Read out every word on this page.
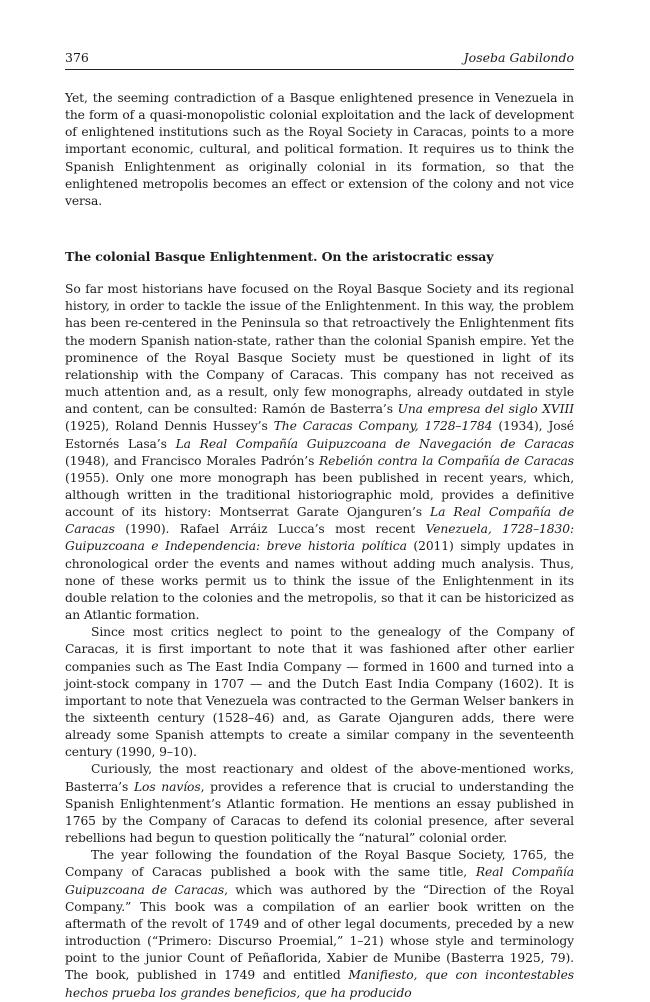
376	Joseba Gabilondo

Yet, the seeming contradiction of a Basque enlightened presence in Venezuela in the form of a quasi-monopolistic colonial exploitation and the lack of development of enlightened institutions such as the Royal Society in Caracas, points to a more important economic, cultural, and political formation. It requires us to think the Spanish Enlightenment as originally colonial in its formation, so that the enlightened metropolis becomes an effect or extension of the colony and not vice versa.

The colonial Basque Enlightenment. On the aristocratic essay

So far most historians have focused on the Royal Basque Society and its regional history, in order to tackle the issue of the Enlightenment. In this way, the problem has been re-centered in the Peninsula so that retroactively the Enlightenment fits the modern Spanish nation-state, rather than the colonial Spanish empire. Yet the prominence of the Royal Basque Society must be questioned in light of its relationship with the Company of Caracas. This company has not received as much attention and, as a result, only few monographs, already outdated in style and content, can be consulted: Ramón de Basterra’s Una empresa del siglo XVIII (1925), Roland Dennis Hussey’s The Caracas Company, 1728–1784 (1934), José Estornés Lasa’s La Real Compañía Guipuzcoana de Navegación de Caracas (1948), and Francisco Morales Padrón’s Rebelión contra la Compañía de Caracas (1955). Only one more monograph has been published in recent years, which, although written in the traditional historiographic mold, provides a definitive account of its history: Montserrat Garate Ojanguren’s La Real Compañía de Caracas (1990). Rafael Arráiz Lucca’s most recent Venezuela, 1728–1830: Guipuzcoana e Independencia: breve historia política (2011) simply updates in chronological order the events and names without adding much analysis. Thus, none of these works permit us to think the issue of the Enlightenment in its double relation to the colonies and the metropolis, so that it can be historicized as an Atlantic formation.

Since most critics neglect to point to the genealogy of the Company of Caracas, it is first important to note that it was fashioned after other earlier companies such as The East India Company — formed in 1600 and turned into a joint-stock company in 1707 — and the Dutch East India Company (1602). It is important to note that Venezuela was contracted to the German Welser bankers in the sixteenth century (1528–46) and, as Garate Ojanguren adds, there were already some Spanish attempts to create a similar company in the seventeenth century (1990, 9–10).

Curiously, the most reactionary and oldest of the above-mentioned works, Basterra’s Los navíos, provides a reference that is crucial to understanding the Spanish Enlightenment’s Atlantic formation. He mentions an essay published in 1765 by the Company of Caracas to defend its colonial presence, after several rebellions had begun to question politically the “natural” colonial order.

The year following the foundation of the Royal Basque Society, 1765, the Company of Caracas published a book with the same title, Real Compañía Guipuzcoana de Caracas, which was authored by the “Direction of the Royal Company.” This book was a compilation of an earlier book written on the aftermath of the revolt of 1749 and of other legal documents, preceded by a new introduction (“Primero: Discurso Proemial,” 1–21) whose style and terminology point to the junior Count of Peñaflorida, Xabier de Munibe (Basterra 1925, 79). The book, published in 1749 and entitled Manifiesto, que con incontestables hechos prueba los grandes beneficios, que ha producido
